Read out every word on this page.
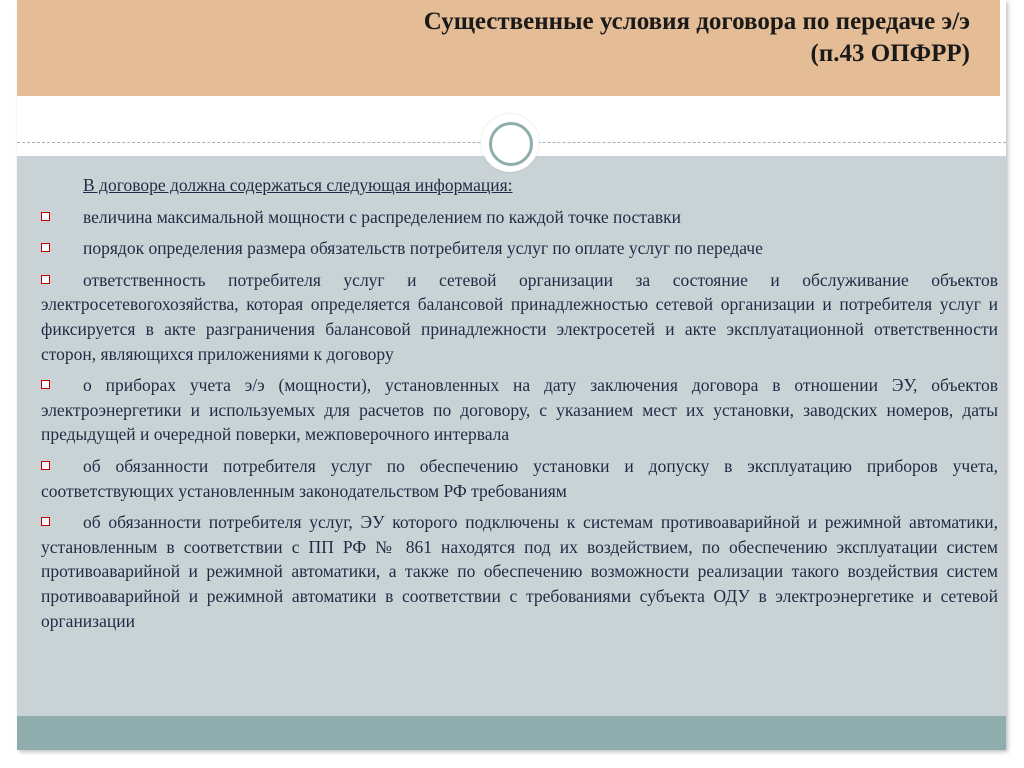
Существенные условия договора по передаче э/э
(п.43 ОПФРР)

В договоре должна содержаться следующая информация:

величина максимальной мощности с распределением по каждой точке поставки

порядок определения размера обязательств потребителя услуг по оплате услуг по передаче

ответственность потребителя услуг и сетевой организации за состояние и обслуживание объектов электросетевогохозяйства, которая определяется балансовой принадлежностью сетевой организации и потребителя услуг и фиксируется в акте разграничения балансовой принадлежности электросетей и акте эксплуатационной ответственности сторон, являющихся приложениями к договору

о приборах учета э/э (мощности), установленных на дату заключения договора в отношении ЭУ, объектов электроэнергетики и используемых для расчетов по договору, с указанием мест их установки, заводских номеров, даты предыдущей и очередной поверки, межповерочного интервала

об обязанности потребителя услуг по обеспечению установки и допуску в эксплуатацию приборов учета, соответствующих установленным законодательством РФ требованиям

об обязанности потребителя услуг, ЭУ которого подключены к системам противоаварийной и режимной автоматики, установленным в соответствии с ПП РФ № 861 находятся под их воздействием, по обеспечению эксплуатации систем противоаварийной и режимной автоматики, а также по обеспечению возможности реализации такого воздействия систем противоаварийной и режимной автоматики в соответствии с требованиями субъекта ОДУ в электроэнергетике и сетевой организации
